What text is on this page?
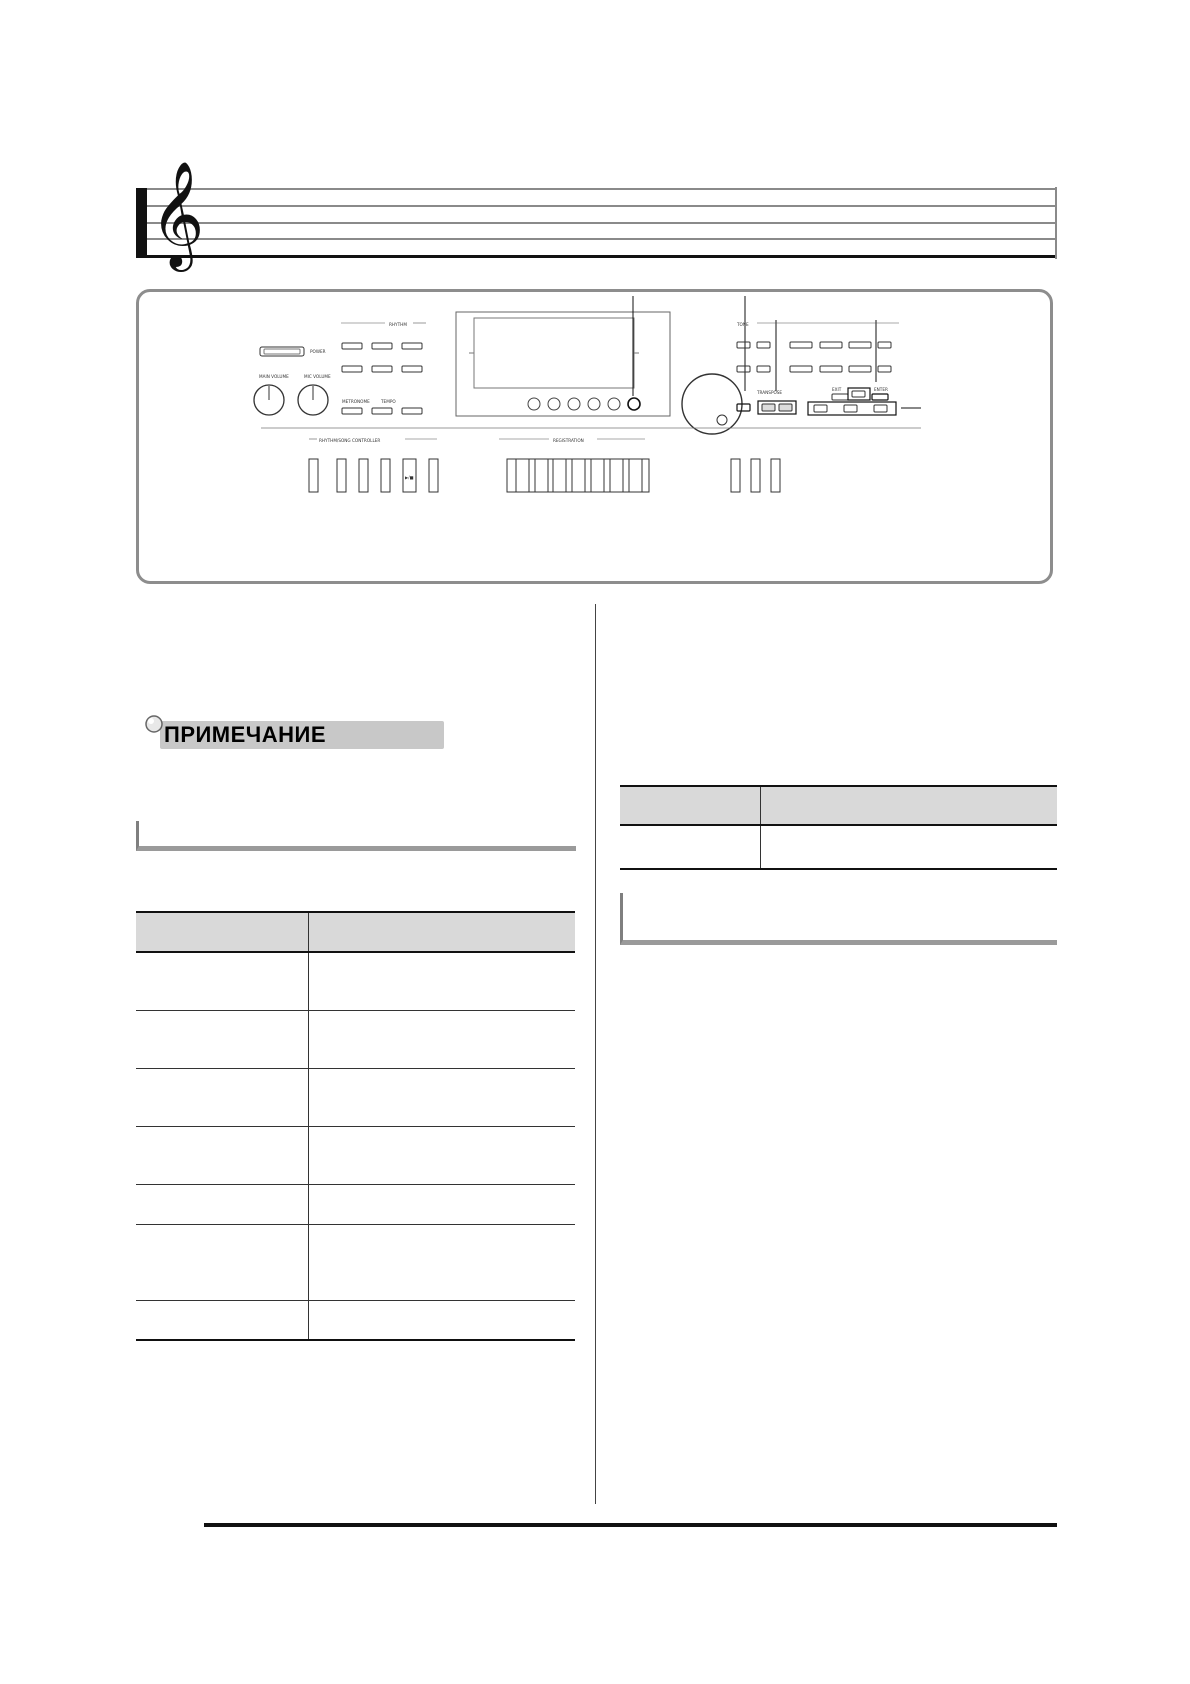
𝄞
POWER
MAIN VOLUME	MIC VOLUME
RHYTHM
METRONOME	TEMPO
TONE
TRANSPOSE
EXIT	ENTER
RHYTHM/SONG CONTROLLER
▶/■
REGISTRATION
ПРИМЕЧАНИЕ
